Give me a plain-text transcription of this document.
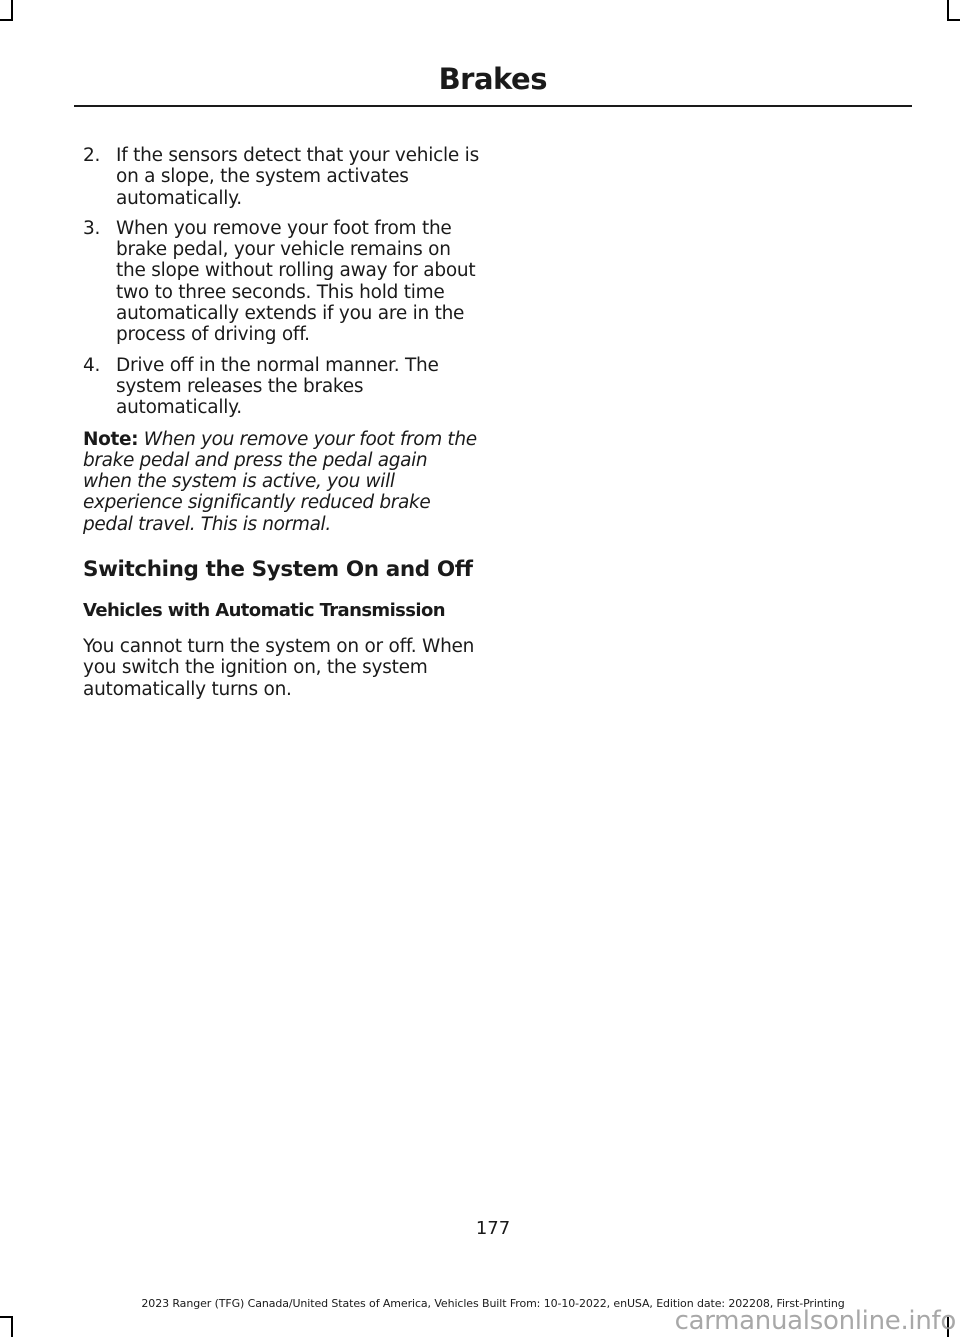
Brakes
2. If the sensors detect that your vehicle is on a slope, the system activates automatically.
3. When you remove your foot from the brake pedal, your vehicle remains on the slope without rolling away for about two to three seconds. This hold time automatically extends if you are in the process of driving off.
4. Drive off in the normal manner. The system releases the brakes automatically.

Note: When you remove your foot from the brake pedal and press the pedal again when the system is active, you will experience significantly reduced brake pedal travel. This is normal.

Switching the System On and Off
Vehicles with Automatic Transmission

You cannot turn the system on or off. When you switch the ignition on, the system automatically turns on.

177
2023 Ranger (TFG) Canada/United States of America, Vehicles Built From: 10-10-2022, enUSA, Edition date: 202208, First-Printing
carmanualsonline.info
